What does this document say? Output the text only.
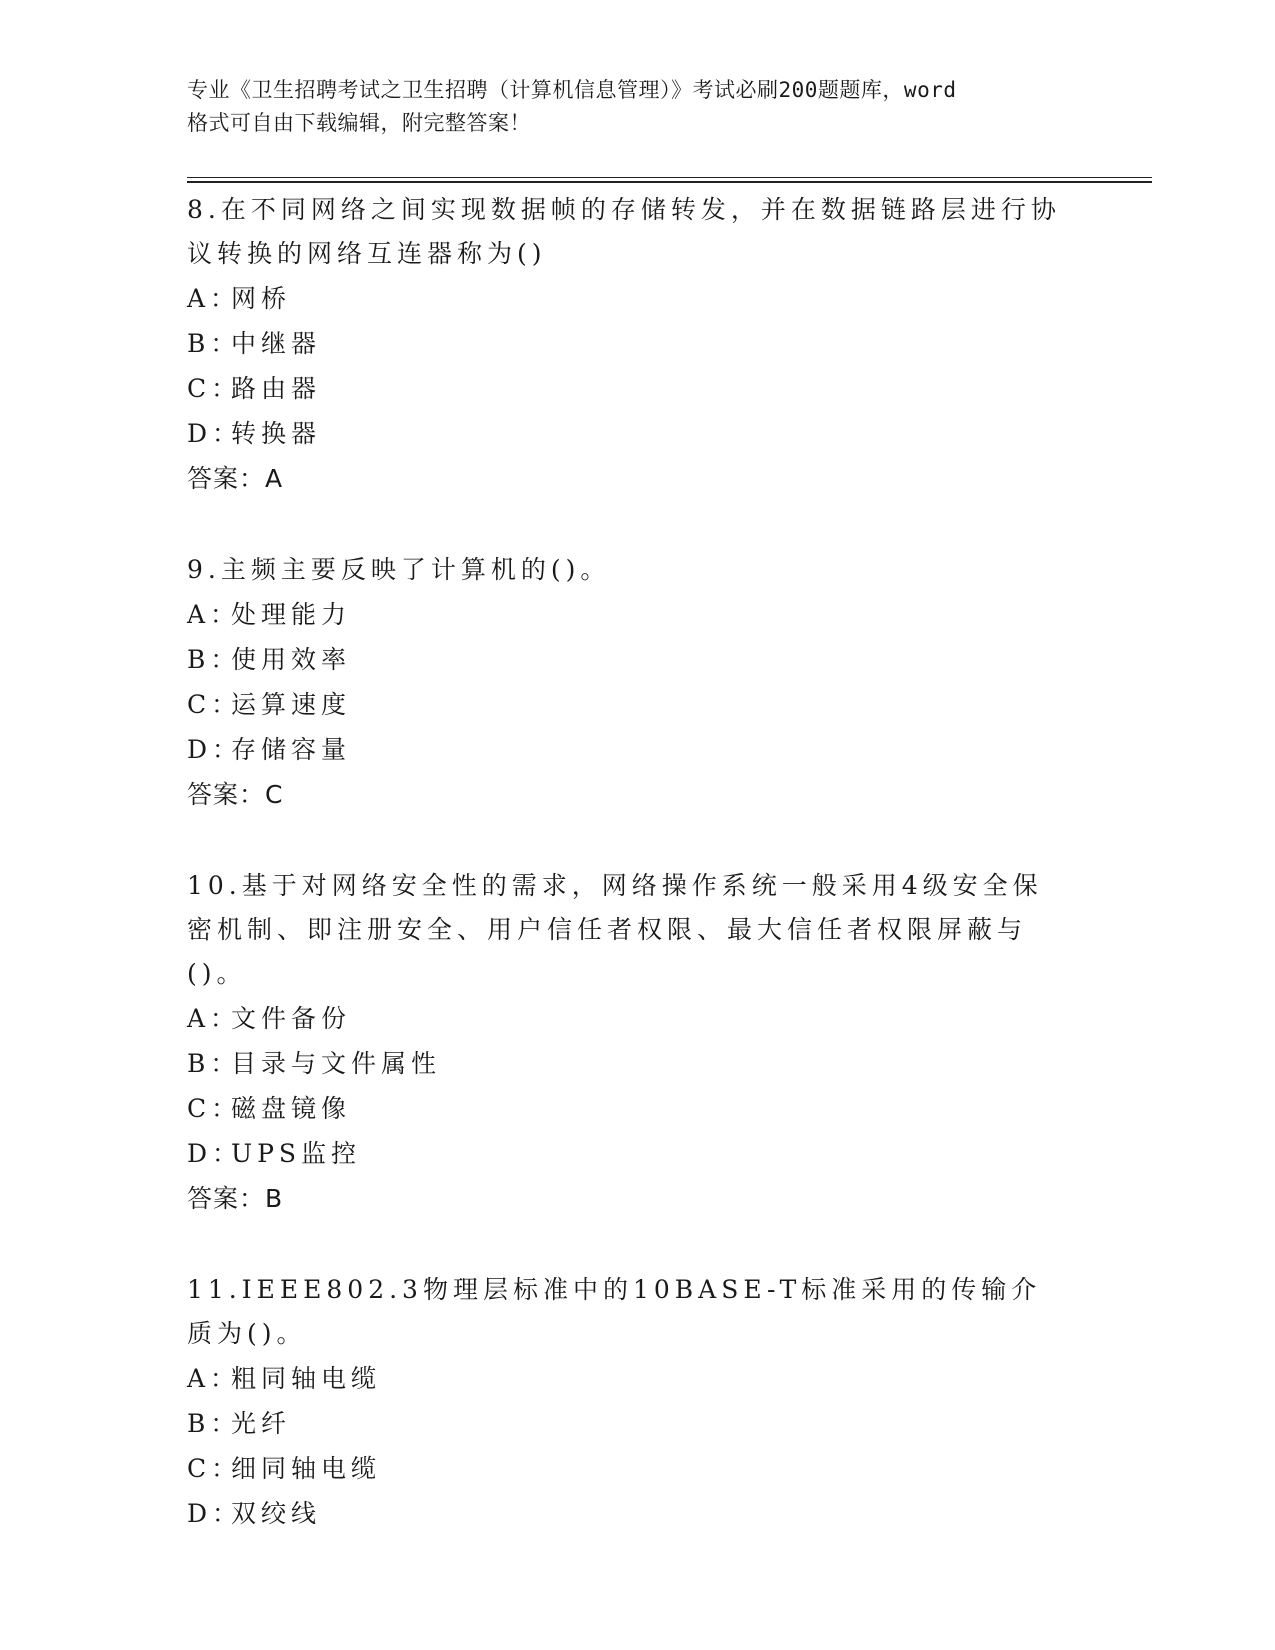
专业《卫生招聘考试之卫生招聘（计算机信息管理）》考试必刷200题题库，word
格式可自由下载编辑，附完整答案！
8.在不同网络之间实现数据帧的存储转发，并在数据链路层进行协议转换的网络互连器称为()
A：网桥
B：中继器
C：路由器
D：转换器
答案：A
9.主频主要反映了计算机的()。
A：处理能力
B：使用效率
C：运算速度
D：存储容量
答案：C
10.基于对网络安全性的需求，网络操作系统一般采用4级安全保密机制、即注册安全、用户信任者权限、最大信任者权限屏蔽与()。
A：文件备份
B：目录与文件属性
C：磁盘镜像
D：UPS监控
答案：B
11.IEEE802.3物理层标准中的10BASE-T标准采用的传输介质为()。
A：粗同轴电缆
B：光纤
C：细同轴电缆
D：双绞线
